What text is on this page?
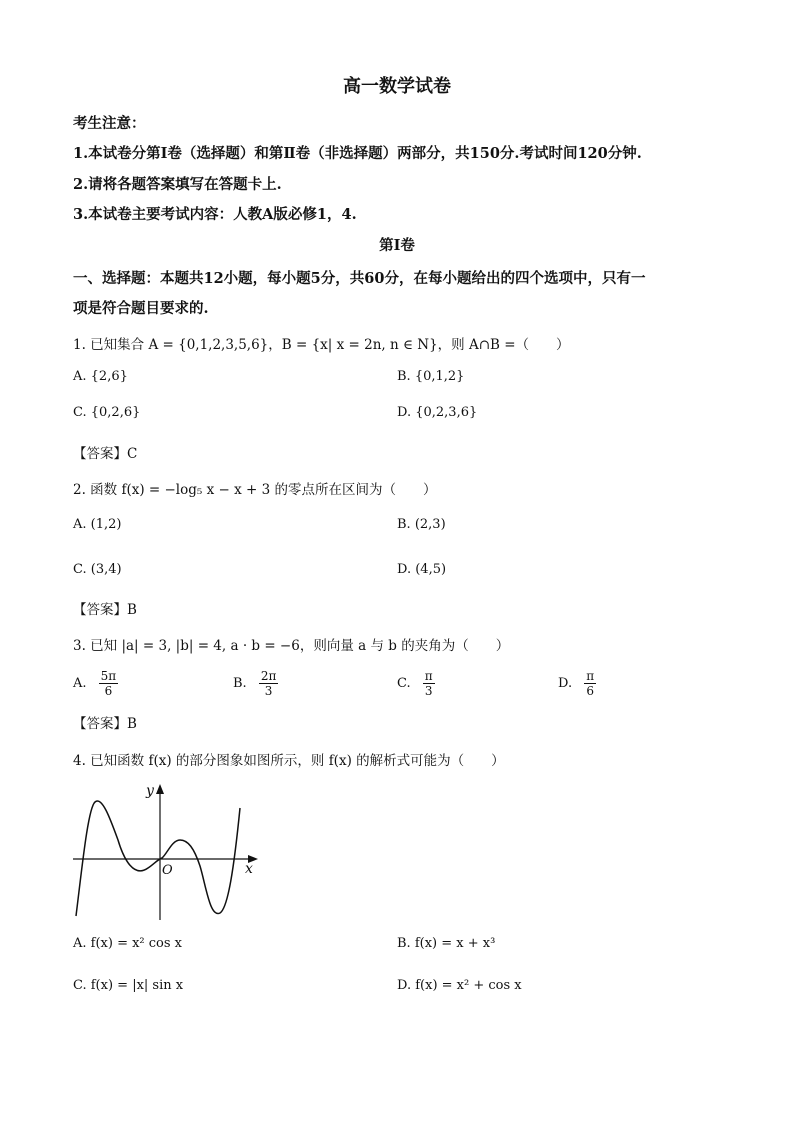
高一数学试卷
考生注意：
1.本试卷分第Ⅰ卷（选择题）和第Ⅱ卷（非选择题）两部分，共150分.考试时间120分钟.
2.请将各题答案填写在答题卡上.
3.本试卷主要考试内容：人教A版必修1，4.
第Ⅰ卷
一、选择题：本题共12小题，每小题5分，共60分，在每小题给出的四个选项中，只有一
项是符合题目要求的.
1. 已知集合 A = {0,1,2,3,5,6}，B = {x| x = 2n, n ∈ N}，则 A∩B =（　　）
A. {2,6}	B. {0,1,2}
C. {0,2,6}	D. {0,2,3,6}
【答案】C
2. 函数 f(x) = −log₅ x − x + 3 的零点所在区间为（　　）
A. (1,2)	B. (2,3)
C. (3,4)	D. (4,5)
【答案】B
3. 已知 |a| = 3, |b| = 4, a · b = −6，则向量 a 与 b 的夹角为（　　）
A. $\frac{5\pi}{6}$	B. $\frac{2\pi}{3}$	C. $\frac{\pi}{3}$	D. $\frac{\pi}{6}$
【答案】B
4. 已知函数 f(x) 的部分图象如图所示，则 f(x) 的解析式可能为（　　）
y
x
O
A. f(x) = x² cos x	B. f(x) = x + x³
C. f(x) = |x| sin x	D. f(x) = x² + cos x
